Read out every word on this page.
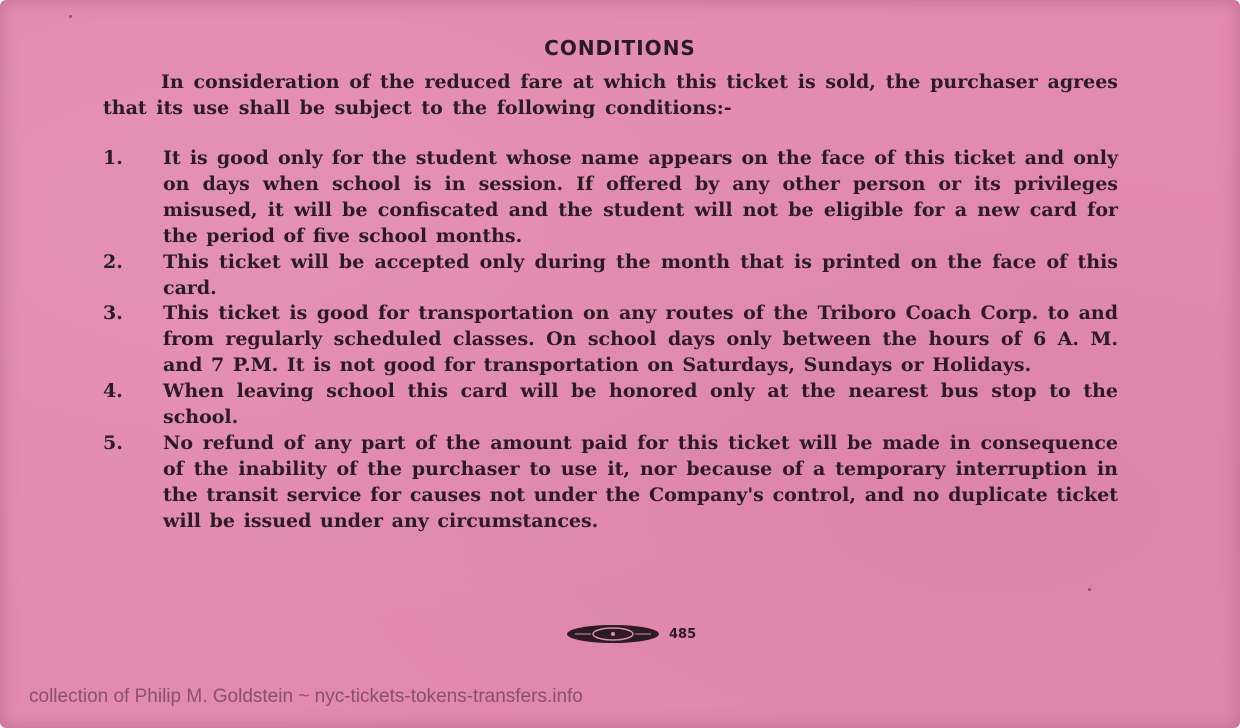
CONDITIONS
In consideration of the reduced fare at which this ticket is sold, the purchaser agrees that its use shall be subject to the following conditions:-
1.	It is good only for the student whose name appears on the face of this ticket and only on days when school is in session. If offered by any other person or its privileges misused, it will be confiscated and the student will not be eligible for a new card for the period of five school months.
2.	This ticket will be accepted only during the month that is printed on the face of this card.
3.	This ticket is good for transportation on any routes of the Triboro Coach Corp. to and from regularly scheduled classes. On school days only between the hours of 6 A. M. and 7 P.M. It is not good for transportation on Saturdays, Sundays or Holidays.
4.	When leaving school this card will be honored only at the nearest bus stop to the school.
5.	No refund of any part of the amount paid for this ticket will be made in consequence of the inability of the purchaser to use it, nor because of a temporary interruption in the transit service for causes not under the Company's control, and no duplicate ticket will be issued under any circumstances.
485
collection of Philip M. Goldstein ~ nyc-tickets-tokens-transfers.info
